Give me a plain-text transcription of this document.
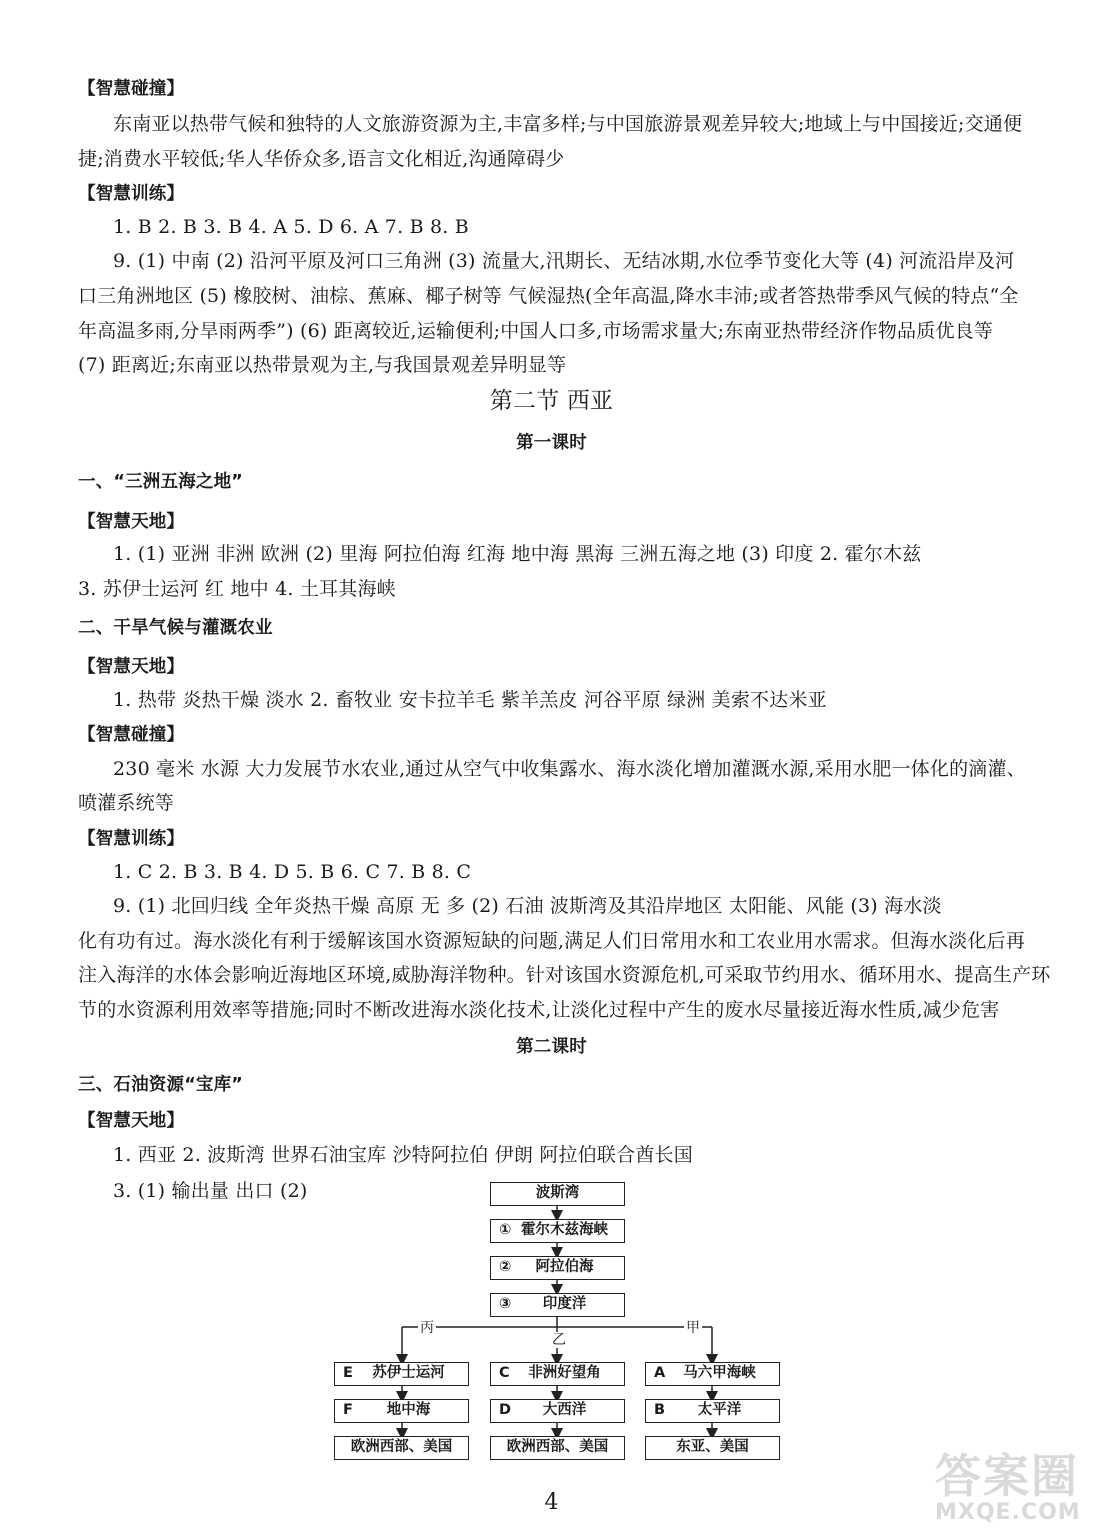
【智慧碰撞】
东南亚以热带气候和独特的人文旅游资源为主,丰富多样;与中国旅游景观差异较大;地域上与中国接近;交通便
捷;消费水平较低;华人华侨众多,语言文化相近,沟通障碍少
【智慧训练】
1. B 2. B 3. B 4. A 5. D 6. A 7. B 8. B
9. (1) 中南 (2) 沿河平原及河口三角洲 (3) 流量大,汛期长、无结冰期,水位季节变化大等 (4) 河流沿岸及河
口三角洲地区 (5) 橡胶树、油棕、蕉麻、椰子树等 气候湿热(全年高温,降水丰沛;或者答热带季风气候的特点“全
年高温多雨,分旱雨两季”) (6) 距离较近,运输便利;中国人口多,市场需求量大;东南亚热带经济作物品质优良等
(7) 距离近;东南亚以热带景观为主,与我国景观差异明显等
第二节 西亚
第一课时
一、“三洲五海之地”
【智慧天地】
1. (1) 亚洲 非洲 欧洲 (2) 里海 阿拉伯海 红海 地中海 黑海 三洲五海之地 (3) 印度 2. 霍尔木兹
3. 苏伊士运河 红 地中 4. 土耳其海峡
二、干旱气候与灌溉农业
【智慧天地】
1. 热带 炎热干燥 淡水 2. 畜牧业 安卡拉羊毛 紫羊羔皮 河谷平原 绿洲 美索不达米亚
【智慧碰撞】
230 毫米 水源 大力发展节水农业,通过从空气中收集露水、海水淡化增加灌溉水源,采用水肥一体化的滴灌、
喷灌系统等
【智慧训练】
1. C 2. B 3. B 4. D 5. B 6. C 7. B 8. C
9. (1) 北回归线 全年炎热干燥 高原 无 多 (2) 石油 波斯湾及其沿岸地区 太阳能、风能 (3) 海水淡
化有功有过。海水淡化有利于缓解该国水资源短缺的问题,满足人们日常用水和工农业用水需求。但海水淡化后再
注入海洋的水体会影响近海地区环境,威胁海洋物种。针对该国水资源危机,可采取节约用水、循环用水、提高生产环
节的水资源利用效率等措施;同时不断改进海水淡化技术,让淡化过程中产生的废水尽量接近海水性质,减少危害
第二课时
三、石油资源“宝库”
【智慧天地】
1. 西亚 2. 波斯湾 世界石油宝库 沙特阿拉伯 伊朗 阿拉伯联合酋长国
3. (1) 输出量 出口 (2)	波斯湾
① 霍尔木兹海峡
②	阿拉伯海
③	印度洋
丙
乙
甲
E	苏伊士运河
F	地中海
欧洲西部、美国
C	非洲好望角
D	大西洋
欧洲西部、美国
A	马六甲海峡
B	太平洋
东亚、美国
4	答案圈
MXQE.COM
